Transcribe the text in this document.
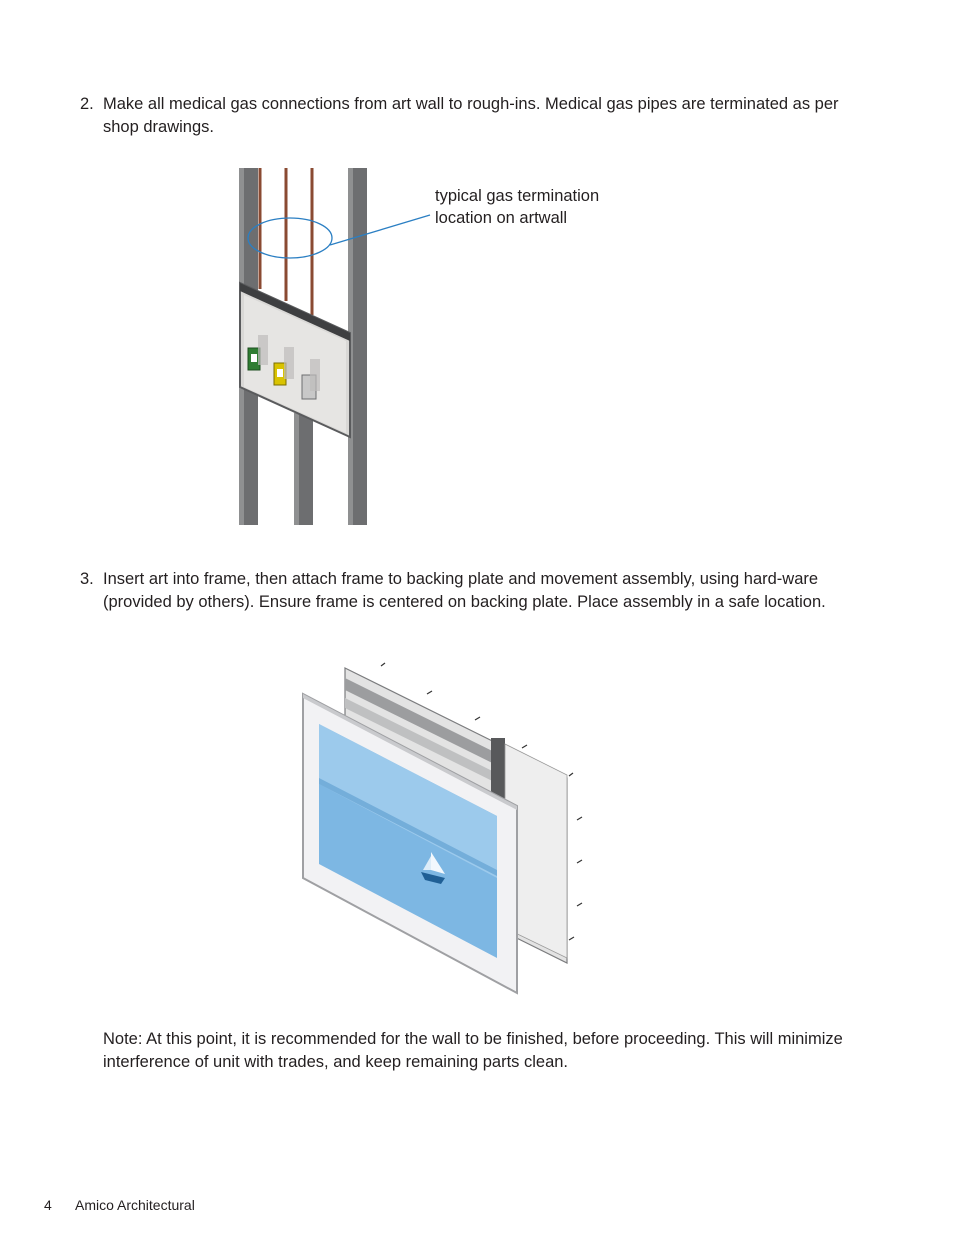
2. Make all medical gas connections from art wall to rough-ins. Medical gas pipes are terminated as per shop drawings.
typical gas termination
location on artwall
3. Insert art into frame, then attach frame to backing plate and movement assembly, using hard-ware (provided by others). Ensure frame is centered on backing plate. Place assembly in a safe location.
Note: At this point, it is recommended for the wall to be finished, before proceeding. This will minimize interference of unit with trades, and keep remaining parts clean.
4 Amico Architectural
